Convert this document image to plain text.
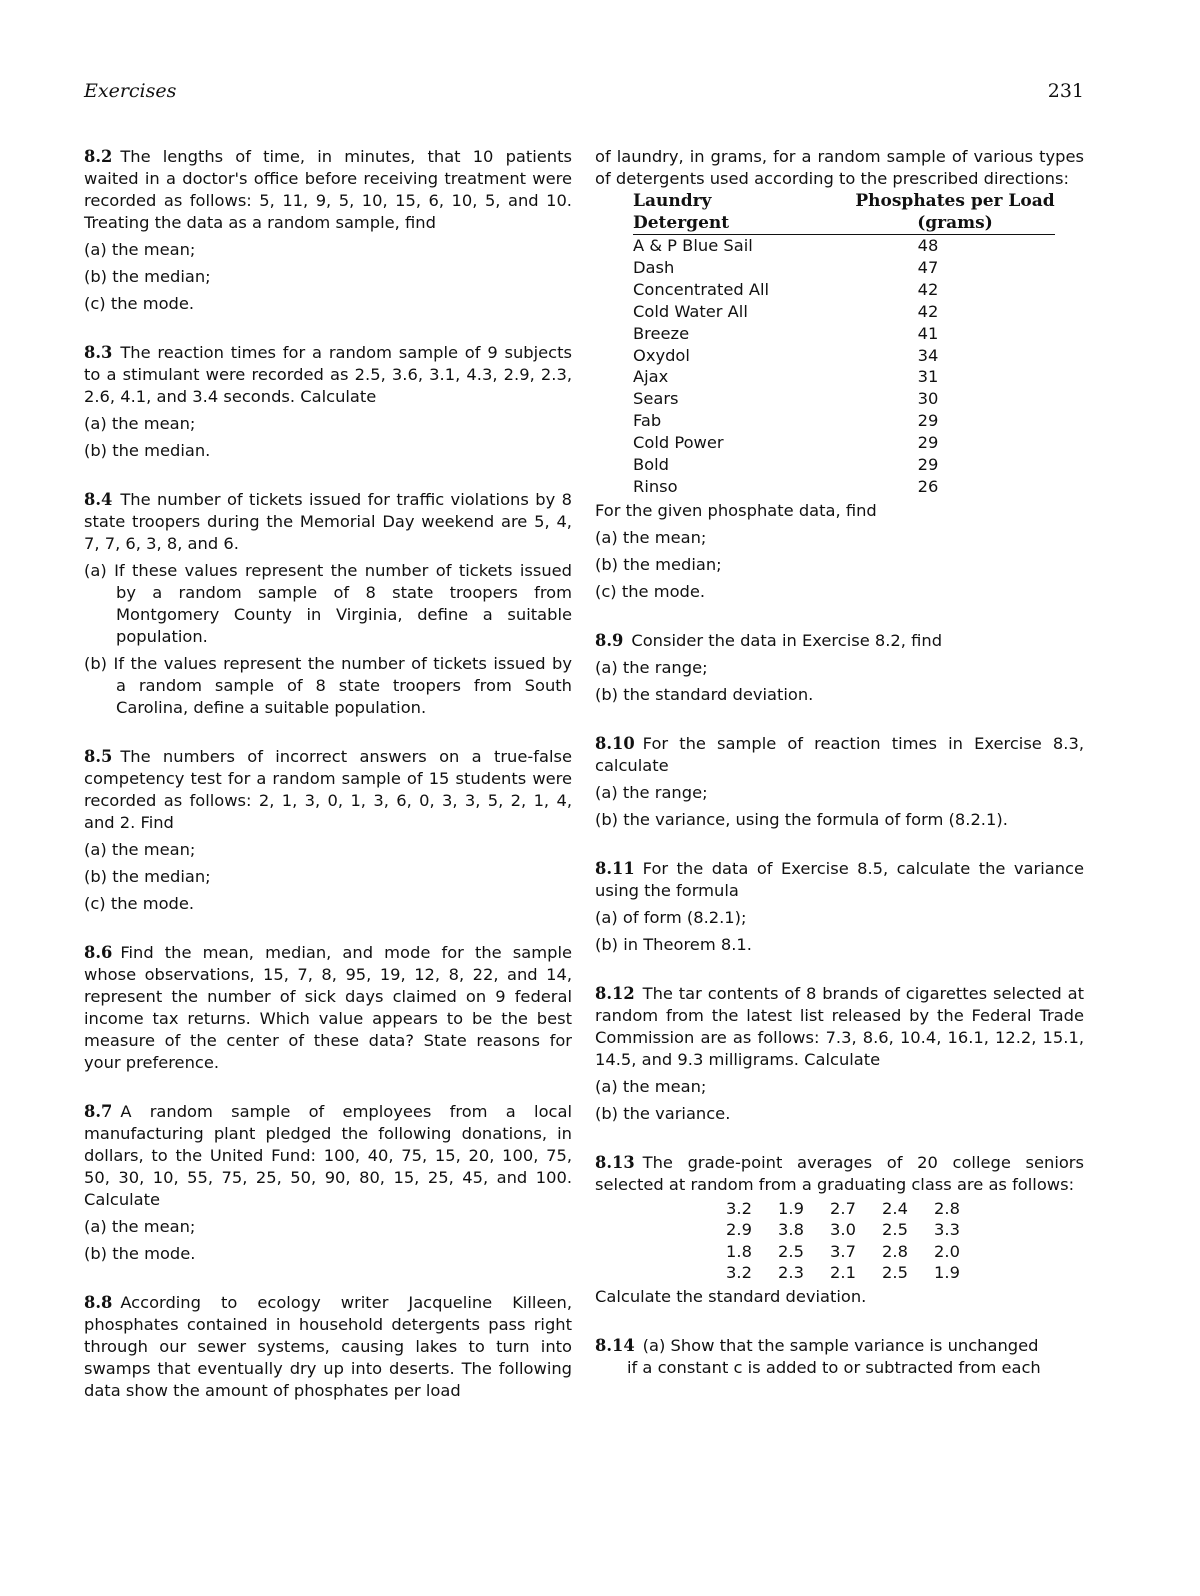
Exercises	231
8.2 The lengths of time, in minutes, that 10 patients waited in a doctor's office before receiving treatment were recorded as follows: 5, 11, 9, 5, 10, 15, 6, 10, 5, and 10. Treating the data as a random sample, find
(a) the mean;
(b) the median;
(c) the mode.
8.3 The reaction times for a random sample of 9 subjects to a stimulant were recorded as 2.5, 3.6, 3.1, 4.3, 2.9, 2.3, 2.6, 4.1, and 3.4 seconds. Calculate
(a) the mean;
(b) the median.
8.4 The number of tickets issued for traffic violations by 8 state troopers during the Memorial Day weekend are 5, 4, 7, 7, 6, 3, 8, and 6.
(a) If these values represent the number of tickets issued by a random sample of 8 state troopers from Montgomery County in Virginia, define a suitable population.
(b) If the values represent the number of tickets issued by a random sample of 8 state troopers from South Carolina, define a suitable population.
8.5 The numbers of incorrect answers on a true-false competency test for a random sample of 15 students were recorded as follows: 2, 1, 3, 0, 1, 3, 6, 0, 3, 3, 5, 2, 1, 4, and 2. Find
(a) the mean;
(b) the median;
(c) the mode.
8.6 Find the mean, median, and mode for the sample whose observations, 15, 7, 8, 95, 19, 12, 8, 22, and 14, represent the number of sick days claimed on 9 federal income tax returns. Which value appears to be the best measure of the center of these data? State reasons for your preference.
8.7 A random sample of employees from a local manufacturing plant pledged the following donations, in dollars, to the United Fund: 100, 40, 75, 15, 20, 100, 75, 50, 30, 10, 55, 75, 25, 50, 90, 80, 15, 25, 45, and 100. Calculate
(a) the mean;
(b) the mode.
8.8 According to ecology writer Jacqueline Killeen, phosphates contained in household detergents pass right through our sewer systems, causing lakes to turn into swamps that eventually dry up into deserts. The following data show the amount of phosphates per load
of laundry, in grams, for a random sample of various types of detergents used according to the prescribed directions:
Laundry
Detergent
Phosphates per Load
(grams)
A & P Blue Sail	48
Dash	47
Concentrated All	42
Cold Water All	42
Breeze	41
Oxydol	34
Ajax	31
Sears	30
Fab	29
Cold Power	29
Bold	29
Rinso	26
For the given phosphate data, find
(a) the mean;
(b) the median;
(c) the mode.
8.9 Consider the data in Exercise 8.2, find
(a) the range;
(b) the standard deviation.
8.10 For the sample of reaction times in Exercise 8.3, calculate
(a) the range;
(b) the variance, using the formula of form (8.2.1).
8.11 For the data of Exercise 8.5, calculate the variance using the formula
(a) of form (8.2.1);
(b) in Theorem 8.1.
8.12 The tar contents of 8 brands of cigarettes selected at random from the latest list released by the Federal Trade Commission are as follows: 7.3, 8.6, 10.4, 16.1, 12.2, 15.1, 14.5, and 9.3 milligrams. Calculate
(a) the mean;
(b) the variance.
8.13 The grade-point averages of 20 college seniors selected at random from a graduating class are as follows:
3.2	1.9	2.7	2.4	2.8
2.9	3.8	3.0	2.5	3.3
1.8	2.5	3.7	2.8	2.0
3.2	2.3	2.1	2.5	1.9
Calculate the standard deviation.
8.14 (a) Show that the sample variance is unchanged
if a constant c is added to or subtracted from each
